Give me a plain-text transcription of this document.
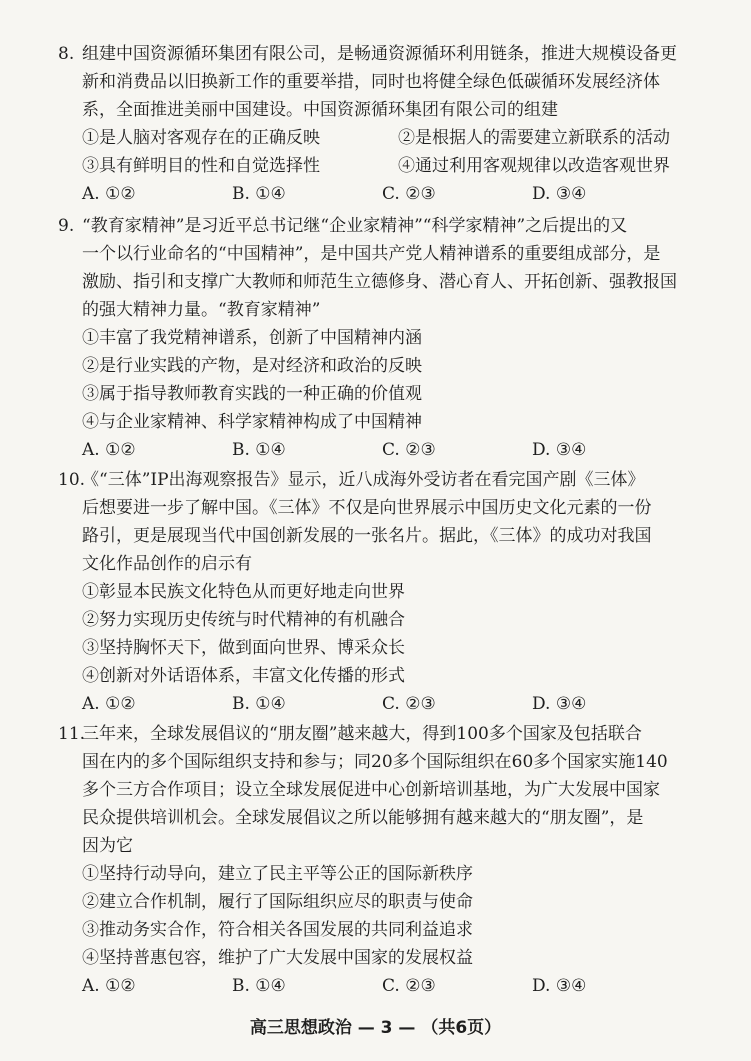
8. 组建中国资源循环集团有限公司，是畅通资源循环利用链条，推进大规模设备更
新和消费品以旧换新工作的重要举措，同时也将健全绿色低碳循环发展经济体
系，全面推进美丽中国建设。中国资源循环集团有限公司的组建
①是人脑对客观存在的正确反映	②是根据人的需要建立新联系的活动
③具有鲜明目的性和自觉选择性	④通过利用客观规律以改造客观世界
A. ①②	B. ①④	C. ②③	D. ③④
9. “教育家精神”是习近平总书记继“企业家精神”“科学家精神”之后提出的又
一个以行业命名的“中国精神”，是中国共产党人精神谱系的重要组成部分，是
激励、指引和支撑广大教师和师范生立德修身、潜心育人、开拓创新、强教报国
的强大精神力量。“教育家精神”
①丰富了我党精神谱系，创新了中国精神内涵
②是行业实践的产物，是对经济和政治的反映
③属于指导教师教育实践的一种正确的价值观
④与企业家精神、科学家精神构成了中国精神
A. ①②	B. ①④	C. ②③	D. ③④
10.《“三体”IP出海观察报告》显示，近八成海外受访者在看完国产剧《三体》
后想要进一步了解中国。《三体》不仅是向世界展示中国历史文化元素的一份
路引，更是展现当代中国创新发展的一张名片。据此，《三体》的成功对我国
文化作品创作的启示有
①彰显本民族文化特色从而更好地走向世界
②努力实现历史传统与时代精神的有机融合
③坚持胸怀天下，做到面向世界、博采众长
④创新对外话语体系，丰富文化传播的形式
A. ①②	B. ①④	C. ②③	D. ③④
11.三年来，全球发展倡议的“朋友圈”越来越大，得到100多个国家及包括联合
国在内的多个国际组织支持和参与；同20多个国际组织在60多个国家实施140
多个三方合作项目；设立全球发展促进中心创新培训基地，为广大发展中国家
民众提供培训机会。全球发展倡议之所以能够拥有越来越大的“朋友圈”，是
因为它
①坚持行动导向，建立了民主平等公正的国际新秩序
②建立合作机制，履行了国际组织应尽的职责与使命
③推动务实合作，符合相关各国发展的共同利益追求
④坚持普惠包容，维护了广大发展中国家的发展权益
A. ①②	B. ①④	C. ②③	D. ③④
高三思想政治 — 3 — （共6页）
